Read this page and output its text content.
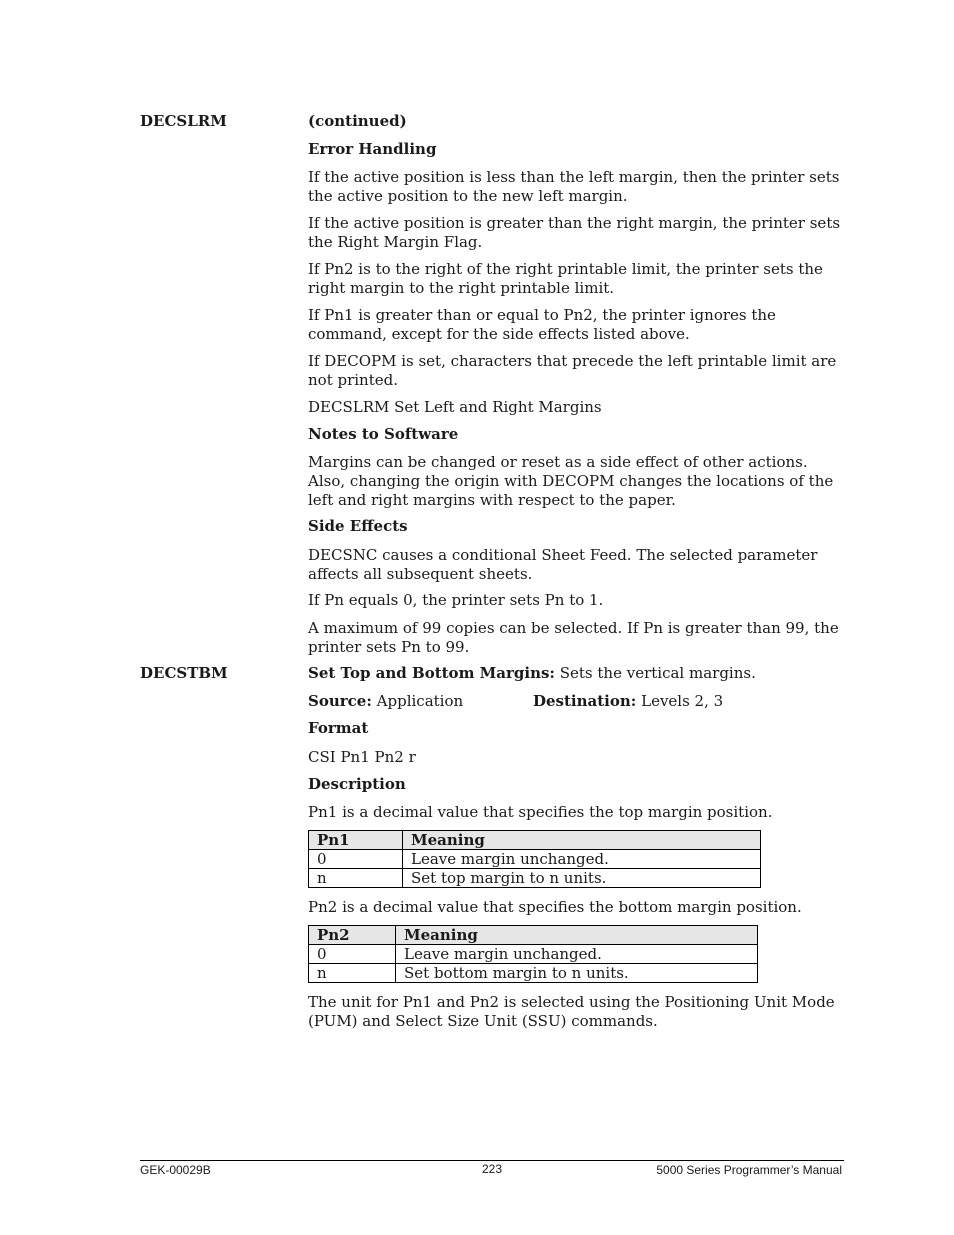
DECSLRM	(continued)
Error Handling
If the active position is less than the left margin, then the printer sets the active position to the new left margin.
If the active position is greater than the right margin, the printer sets the Right Margin Flag.
If Pn2 is to the right of the right printable limit, the printer sets the right margin to the right printable limit.
If Pn1 is greater than or equal to Pn2, the printer ignores the command, except for the side effects listed above.
If DECOPM is set, characters that precede the left printable limit are not printed.
DECSLRM Set Left and Right Margins
Notes to Software
Margins can be changed or reset as a side effect of other actions. Also, changing the origin with DECOPM changes the locations of the left and right margins with respect to the paper.
Side Effects
DECSNC causes a conditional Sheet Feed. The selected parameter affects all subsequent sheets.
If Pn equals 0, the printer sets Pn to 1.
A maximum of 99 copies can be selected. If Pn is greater than 99, the printer sets Pn to 99.
DECSTBM	Set Top and Bottom Margins: Sets the vertical margins.
Source: Application	Destination: Levels 2, 3
Format
CSI Pn1 Pn2 r
Description
Pn1 is a decimal value that specifies the top margin position.
Pn1	Meaning
0	Leave margin unchanged.
n	Set top margin to n units.
Pn2 is a decimal value that specifies the bottom margin position.
Pn2	Meaning
0	Leave margin unchanged.
n	Set bottom margin to n units.
The unit for Pn1 and Pn2 is selected using the Positioning Unit Mode (PUM) and Select Size Unit (SSU) commands.
GEK-00029B	223	5000 Series Programmer’s Manual
